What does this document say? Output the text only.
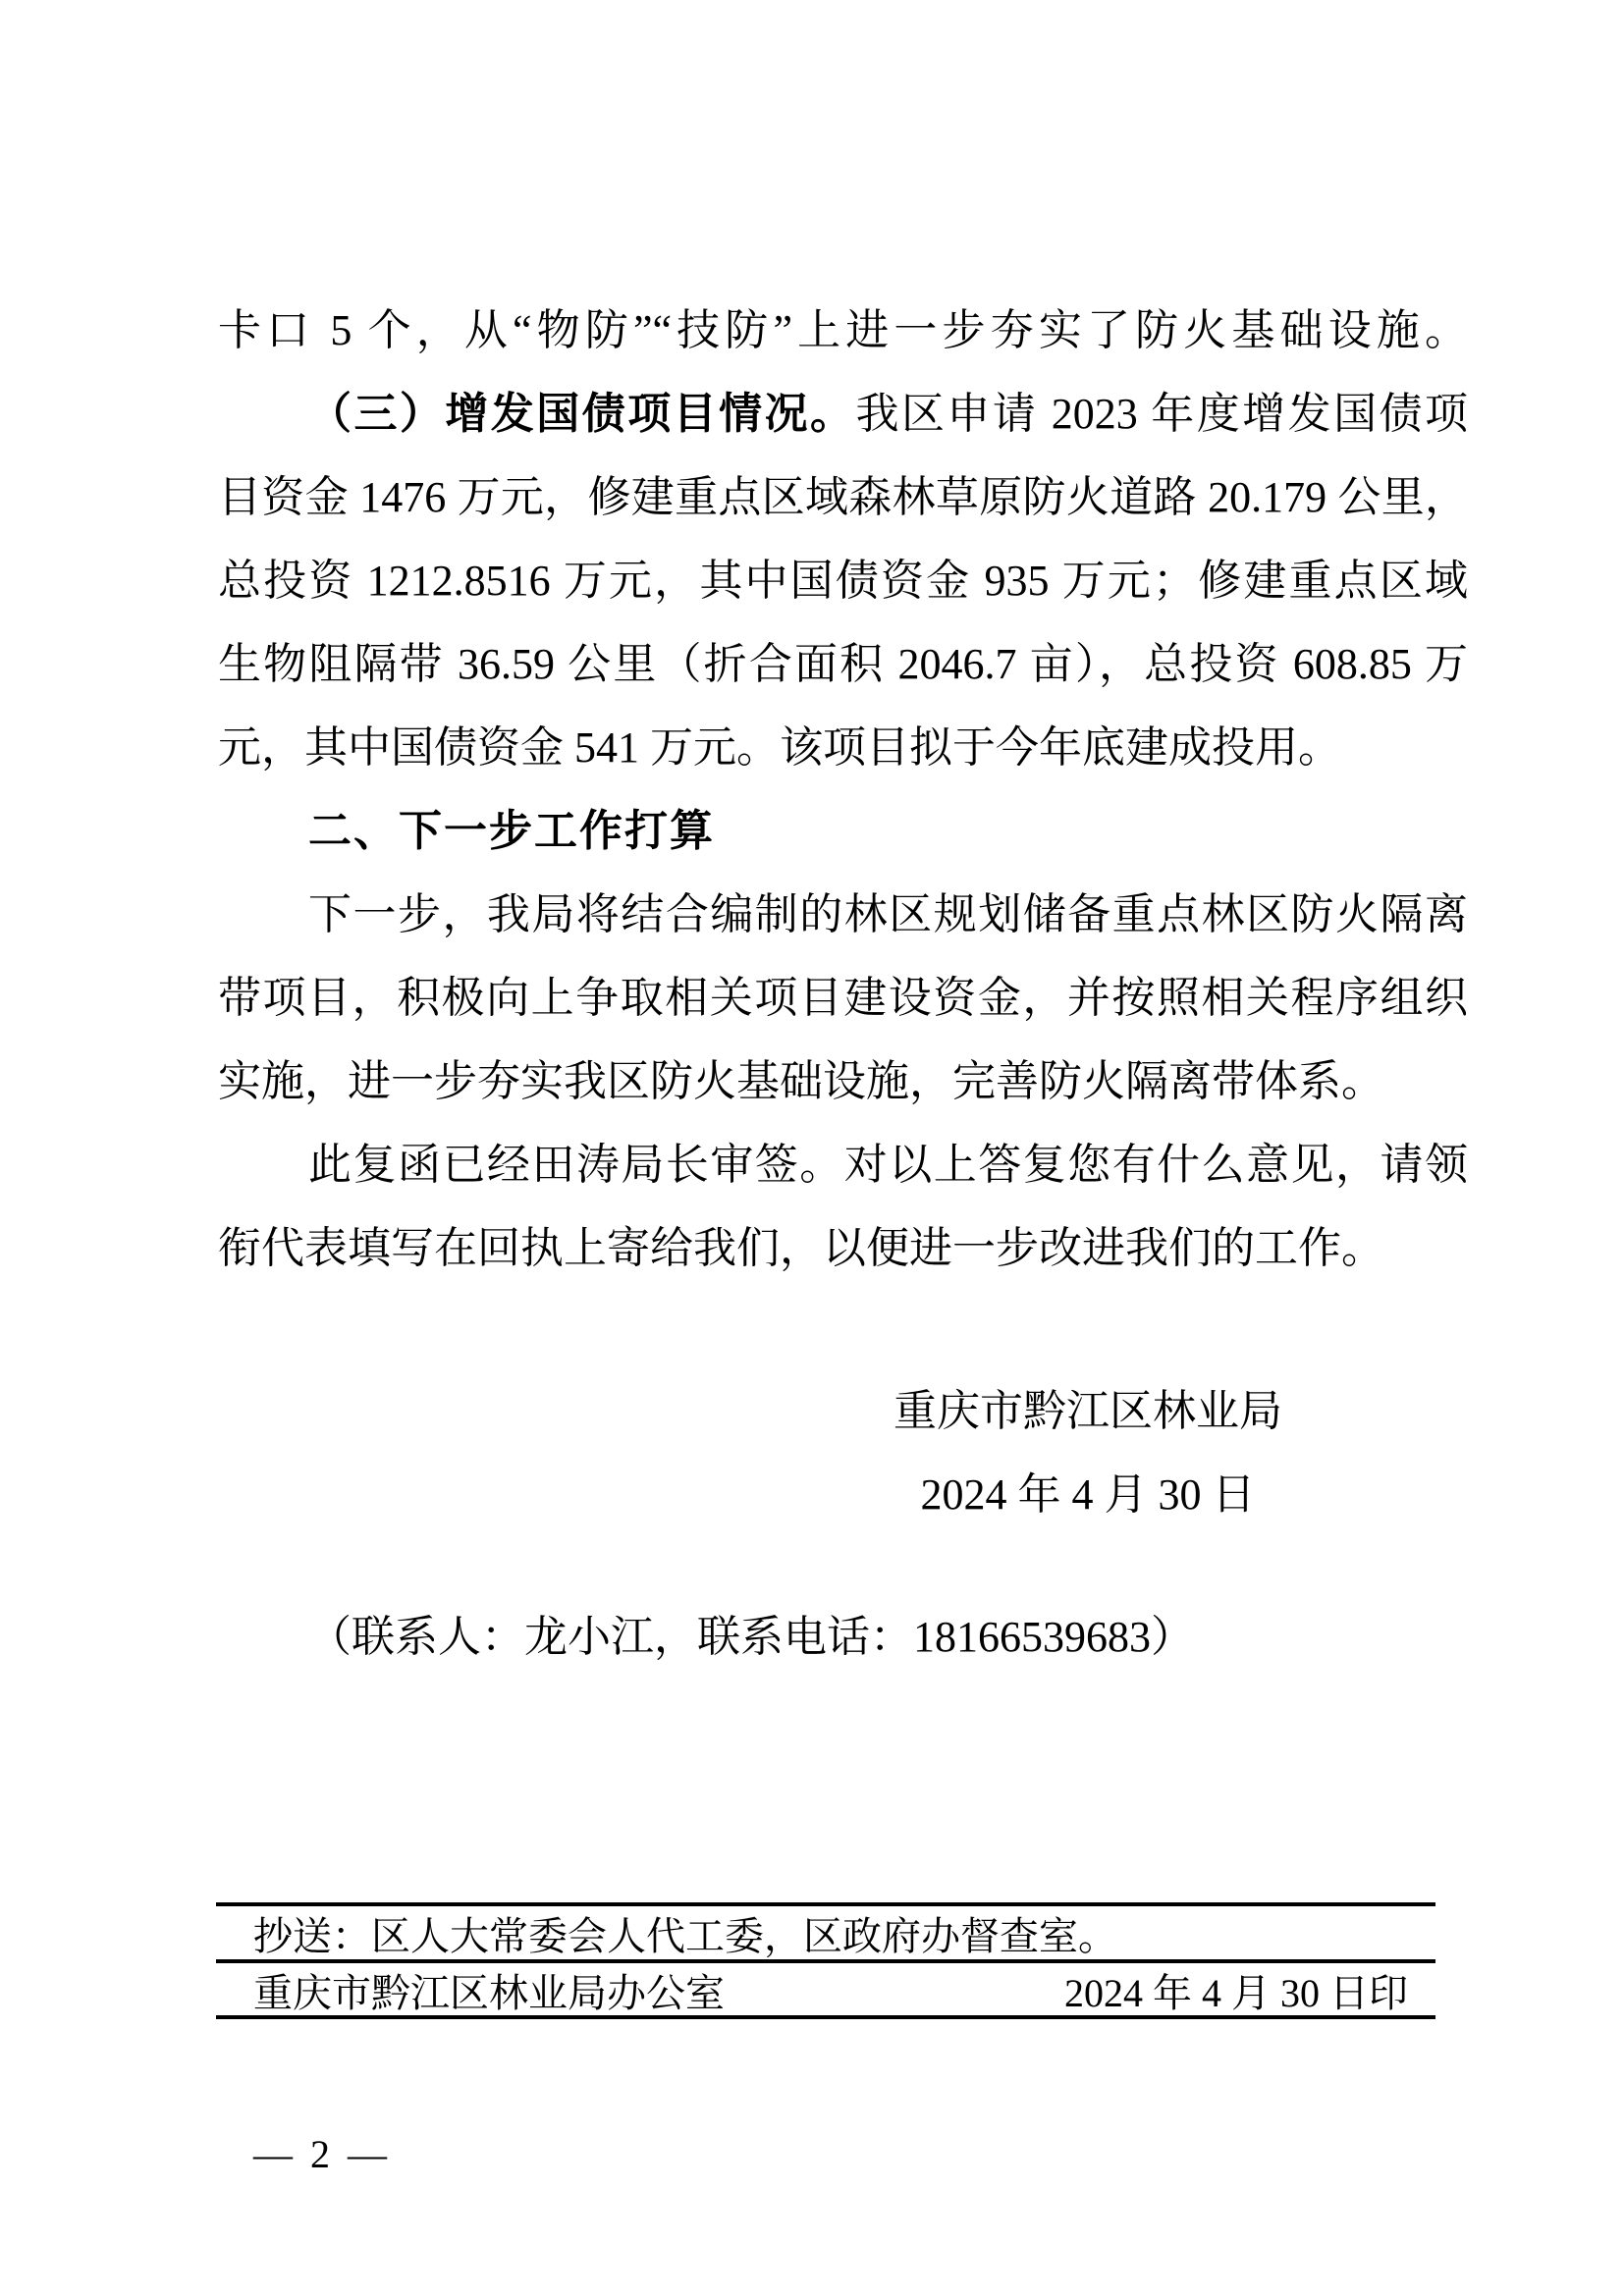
卡口 5 个，从“物防”“技防”上进一步夯实了防火基础设施。
（三）增发国债项目情况。我区申请 2023 年度增发国债项
目资金 1476 万元，修建重点区域森林草原防火道路 20.179 公里，
总投资 1212.8516 万元，其中国债资金 935 万元；修建重点区域
生物阻隔带 36.59 公里（折合面积 2046.7 亩），总投资 608.85 万
元，其中国债资金 541 万元。该项目拟于今年底建成投用。
二、下一步工作打算
下一步，我局将结合编制的林区规划储备重点林区防火隔离
带项目，积极向上争取相关项目建设资金，并按照相关程序组织
实施，进一步夯实我区防火基础设施，完善防火隔离带体系。
此复函已经田涛局长审签。对以上答复您有什么意见，请领
衔代表填写在回执上寄给我们，以便进一步改进我们的工作。
重庆市黔江区林业局
2024 年 4 月 30 日
（联系人：龙小江，联系电话：18166539683）
抄送：区人大常委会人代工委，区政府办督查室。
重庆市黔江区林业局办公室	2024 年 4 月 30 日印
— 2 —
